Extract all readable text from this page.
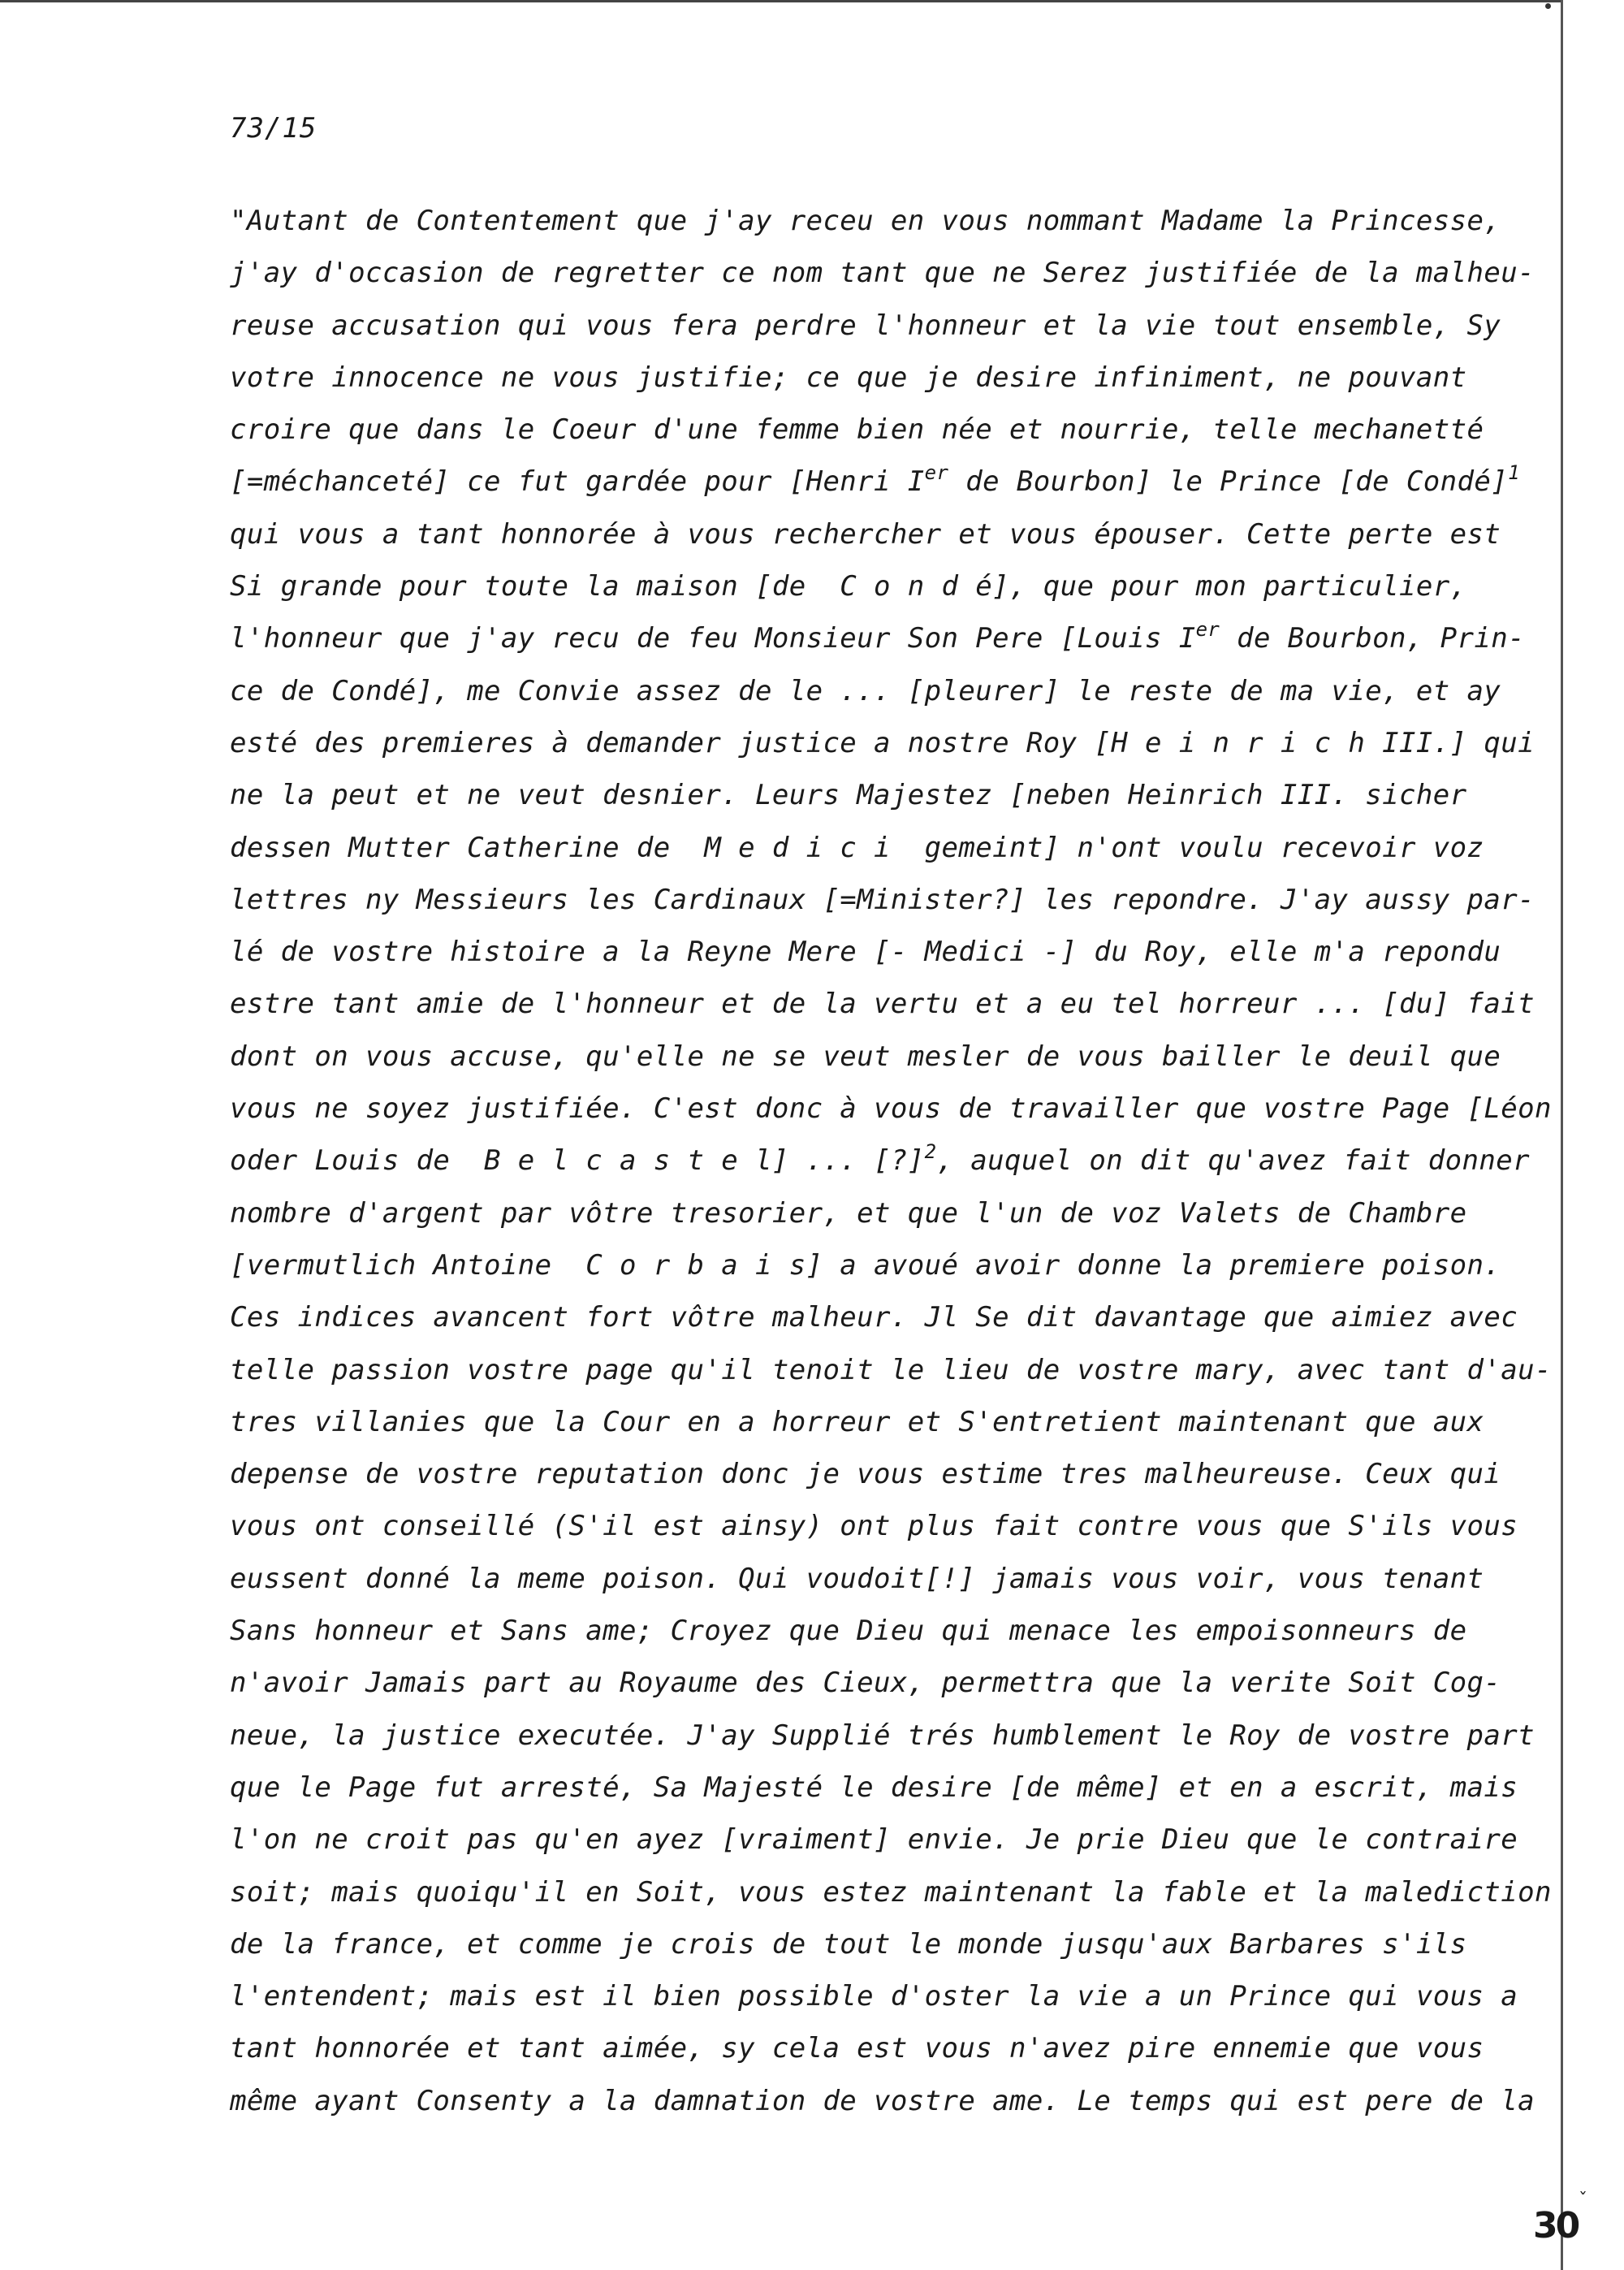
73/15
"Autant de Contentement que j'ay receu en vous nommant Madame la Princesse,
j'ay d'occasion de regretter ce nom tant que ne Serez justifiée de la malheu-
reuse accusation qui vous fera perdre l'honneur et la vie tout ensemble, Sy
votre innocence ne vous justifie; ce que je desire infiniment, ne pouvant
croire que dans le Coeur d'une femme bien née et nourrie, telle mechanetté
[=méchanceté] ce fut gardée pour [Henri Ier de Bourbon] le Prince [de Condé]$^1$
qui vous a tant honnorée à vous rechercher et vous épouser. Cette perte est
Si grande pour toute la maison [de  C o n d é], que pour mon particulier,
l'honneur que j'ay recu de feu Monsieur Son Pere [Louis Ier de Bourbon, Prin-
ce de Condé], me Convie assez de le ... [pleurer] le reste de ma vie, et ay
esté des premieres à demander justice a nostre Roy [H e i n r i c h III.] qui
ne la peut et ne veut desnier. Leurs Majestez [neben Heinrich III. sicher
dessen Mutter Catherine de  M e d i c i  gemeint] n'ont voulu recevoir voz
lettres ny Messieurs les Cardinaux [=Minister?] les repondre. J'ay aussy par-
lé de vostre histoire a la Reyne Mere [- Medici -] du Roy, elle m'a repondu
estre tant amie de l'honneur et de la vertu et a eu tel horreur ... [du] fait
dont on vous accuse, qu'elle ne se veut mesler de vous bailler le deuil que
vous ne soyez justifiée. C'est donc à vous de travailler que vostre Page [Léon
oder Louis de  B e l c a s t e l] ... [?]$^2$, auquel on dit qu'avez fait donner
nombre d'argent par vôtre tresorier, et que l'un de voz Valets de Chambre
[vermutlich Antoine  C o r b a i s] a avoué avoir donne la premiere poison.
Ces indices avancent fort vôtre malheur. Jl Se dit davantage que aimiez avec
telle passion vostre page qu'il tenoit le lieu de vostre mary, avec tant d'au-
tres villanies que la Cour en a horreur et S'entretient maintenant que aux
depense de vostre reputation donc je vous estime tres malheureuse. Ceux qui
vous ont conseillé (S'il est ainsy) ont plus fait contre vous que S'ils vous
eussent donné la meme poison. Qui voudoit[!] jamais vous voir, vous tenant
Sans honneur et Sans ame; Croyez que Dieu qui menace les empoisonneurs de
n'avoir Jamais part au Royaume des Cieux, permettra que la verite Soit Cog-
neue, la justice executée. J'ay Supplié trés humblement le Roy de vostre part
que le Page fut arresté, Sa Majesté le desire [de même] et en a escrit, mais
l'on ne croit pas qu'en ayez [vraiment] envie. Je prie Dieu que le contraire
soit; mais quoiqu'il en Soit, vous estez maintenant la fable et la malediction
de la france, et comme je crois de tout le monde jusqu'aux Barbares s'ils
l'entendent; mais est il bien possible d'oster la vie a un Prince qui vous a
tant honnorée et tant aimée, sy cela est vous n'avez pire ennemie que vous
même ayant Consenty a la damnation de vostre ame. Le temps qui est pere de la
ˇ
30
